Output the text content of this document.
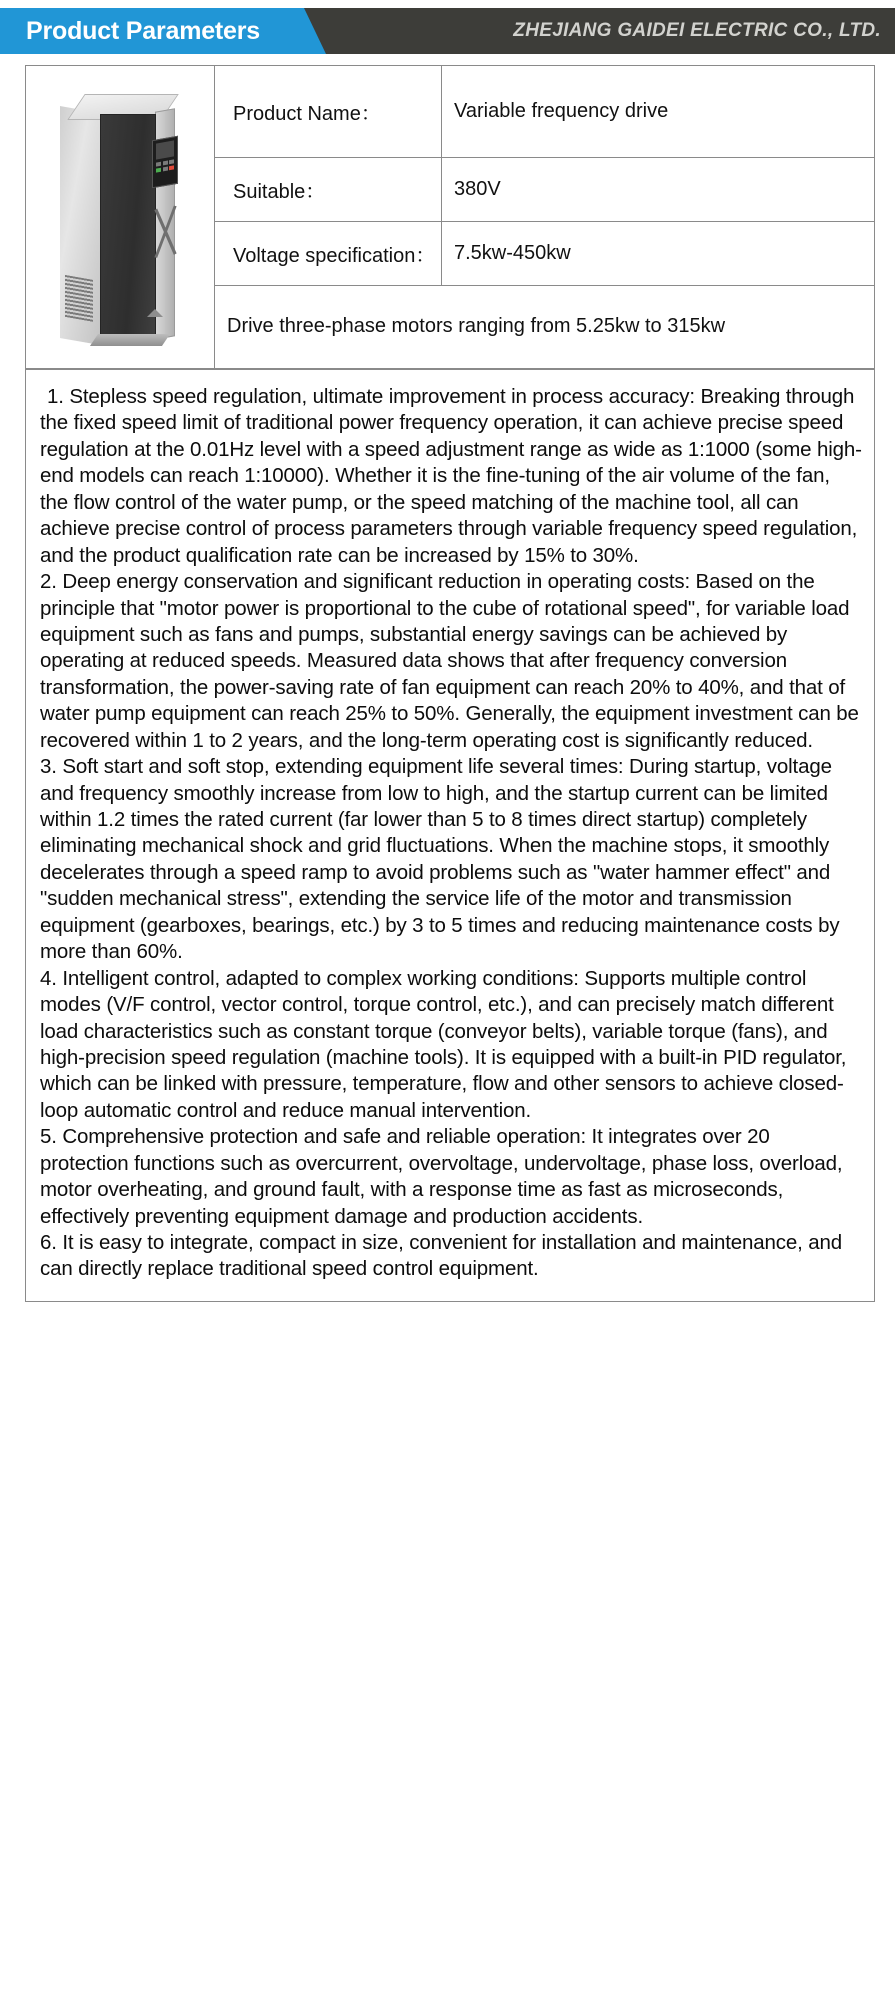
Product Parameters	ZHEJIANG GAIDEI ELECTRIC CO., LTD.
	Product Name：	Variable frequency drive
	Suitable：	380V
	Voltage specification：	7.5kw-450kw
	Drive three-phase motors ranging from 5.25kw to 315kw	

1. Stepless speed regulation, ultimate improvement in process accuracy: Breaking through the fixed speed limit of traditional power frequency operation, it can achieve precise speed regulation at the 0.01Hz level with a speed adjustment range as wide as 1:1000 (some high-end models can reach 1:10000). Whether it is the fine-tuning of the air volume of the fan, the flow control of the water pump, or the speed matching of the machine tool, all can achieve precise control of process parameters through variable frequency speed regulation, and the product qualification rate can be increased by 15% to 30%.

2. Deep energy conservation and significant reduction in operating costs: Based on the principle that "motor power is proportional to the cube of rotational speed", for variable load equipment such as fans and pumps, substantial energy savings can be achieved by operating at reduced speeds. Measured data shows that after frequency conversion transformation, the power-saving rate of fan equipment can reach 20% to 40%, and that of water pump equipment can reach 25% to 50%. Generally, the equipment investment can be recovered within 1 to 2 years, and the long-term operating cost is significantly reduced.

3. Soft start and soft stop, extending equipment life several times: During startup, voltage and frequency smoothly increase from low to high, and the startup current can be limited within 1.2 times the rated current (far lower than 5 to 8 times direct startup) completely eliminating mechanical shock and grid fluctuations. When the machine stops, it smoothly decelerates through a speed ramp to avoid problems such as "water hammer effect" and "sudden mechanical stress", extending the service life of the motor and transmission equipment (gearboxes, bearings, etc.) by 3 to 5 times and reducing maintenance costs by more than 60%.

4. Intelligent control, adapted to complex working conditions: Supports multiple control modes (V/F control, vector control, torque control, etc.), and can precisely match different load characteristics such as constant torque (conveyor belts), variable torque (fans), and high-precision speed regulation (machine tools). It is equipped with a built-in PID regulator, which can be linked with pressure, temperature, flow and other sensors to achieve closed-loop automatic control and reduce manual intervention.

5. Comprehensive protection and safe and reliable operation: It integrates over 20 protection functions such as overcurrent, overvoltage, undervoltage, phase loss, overload, motor overheating, and ground fault, with a response time as fast as microseconds, effectively preventing equipment damage and production accidents.

6. It is easy to integrate, compact in size, convenient for installation and maintenance, and can directly replace traditional speed control equipment.
